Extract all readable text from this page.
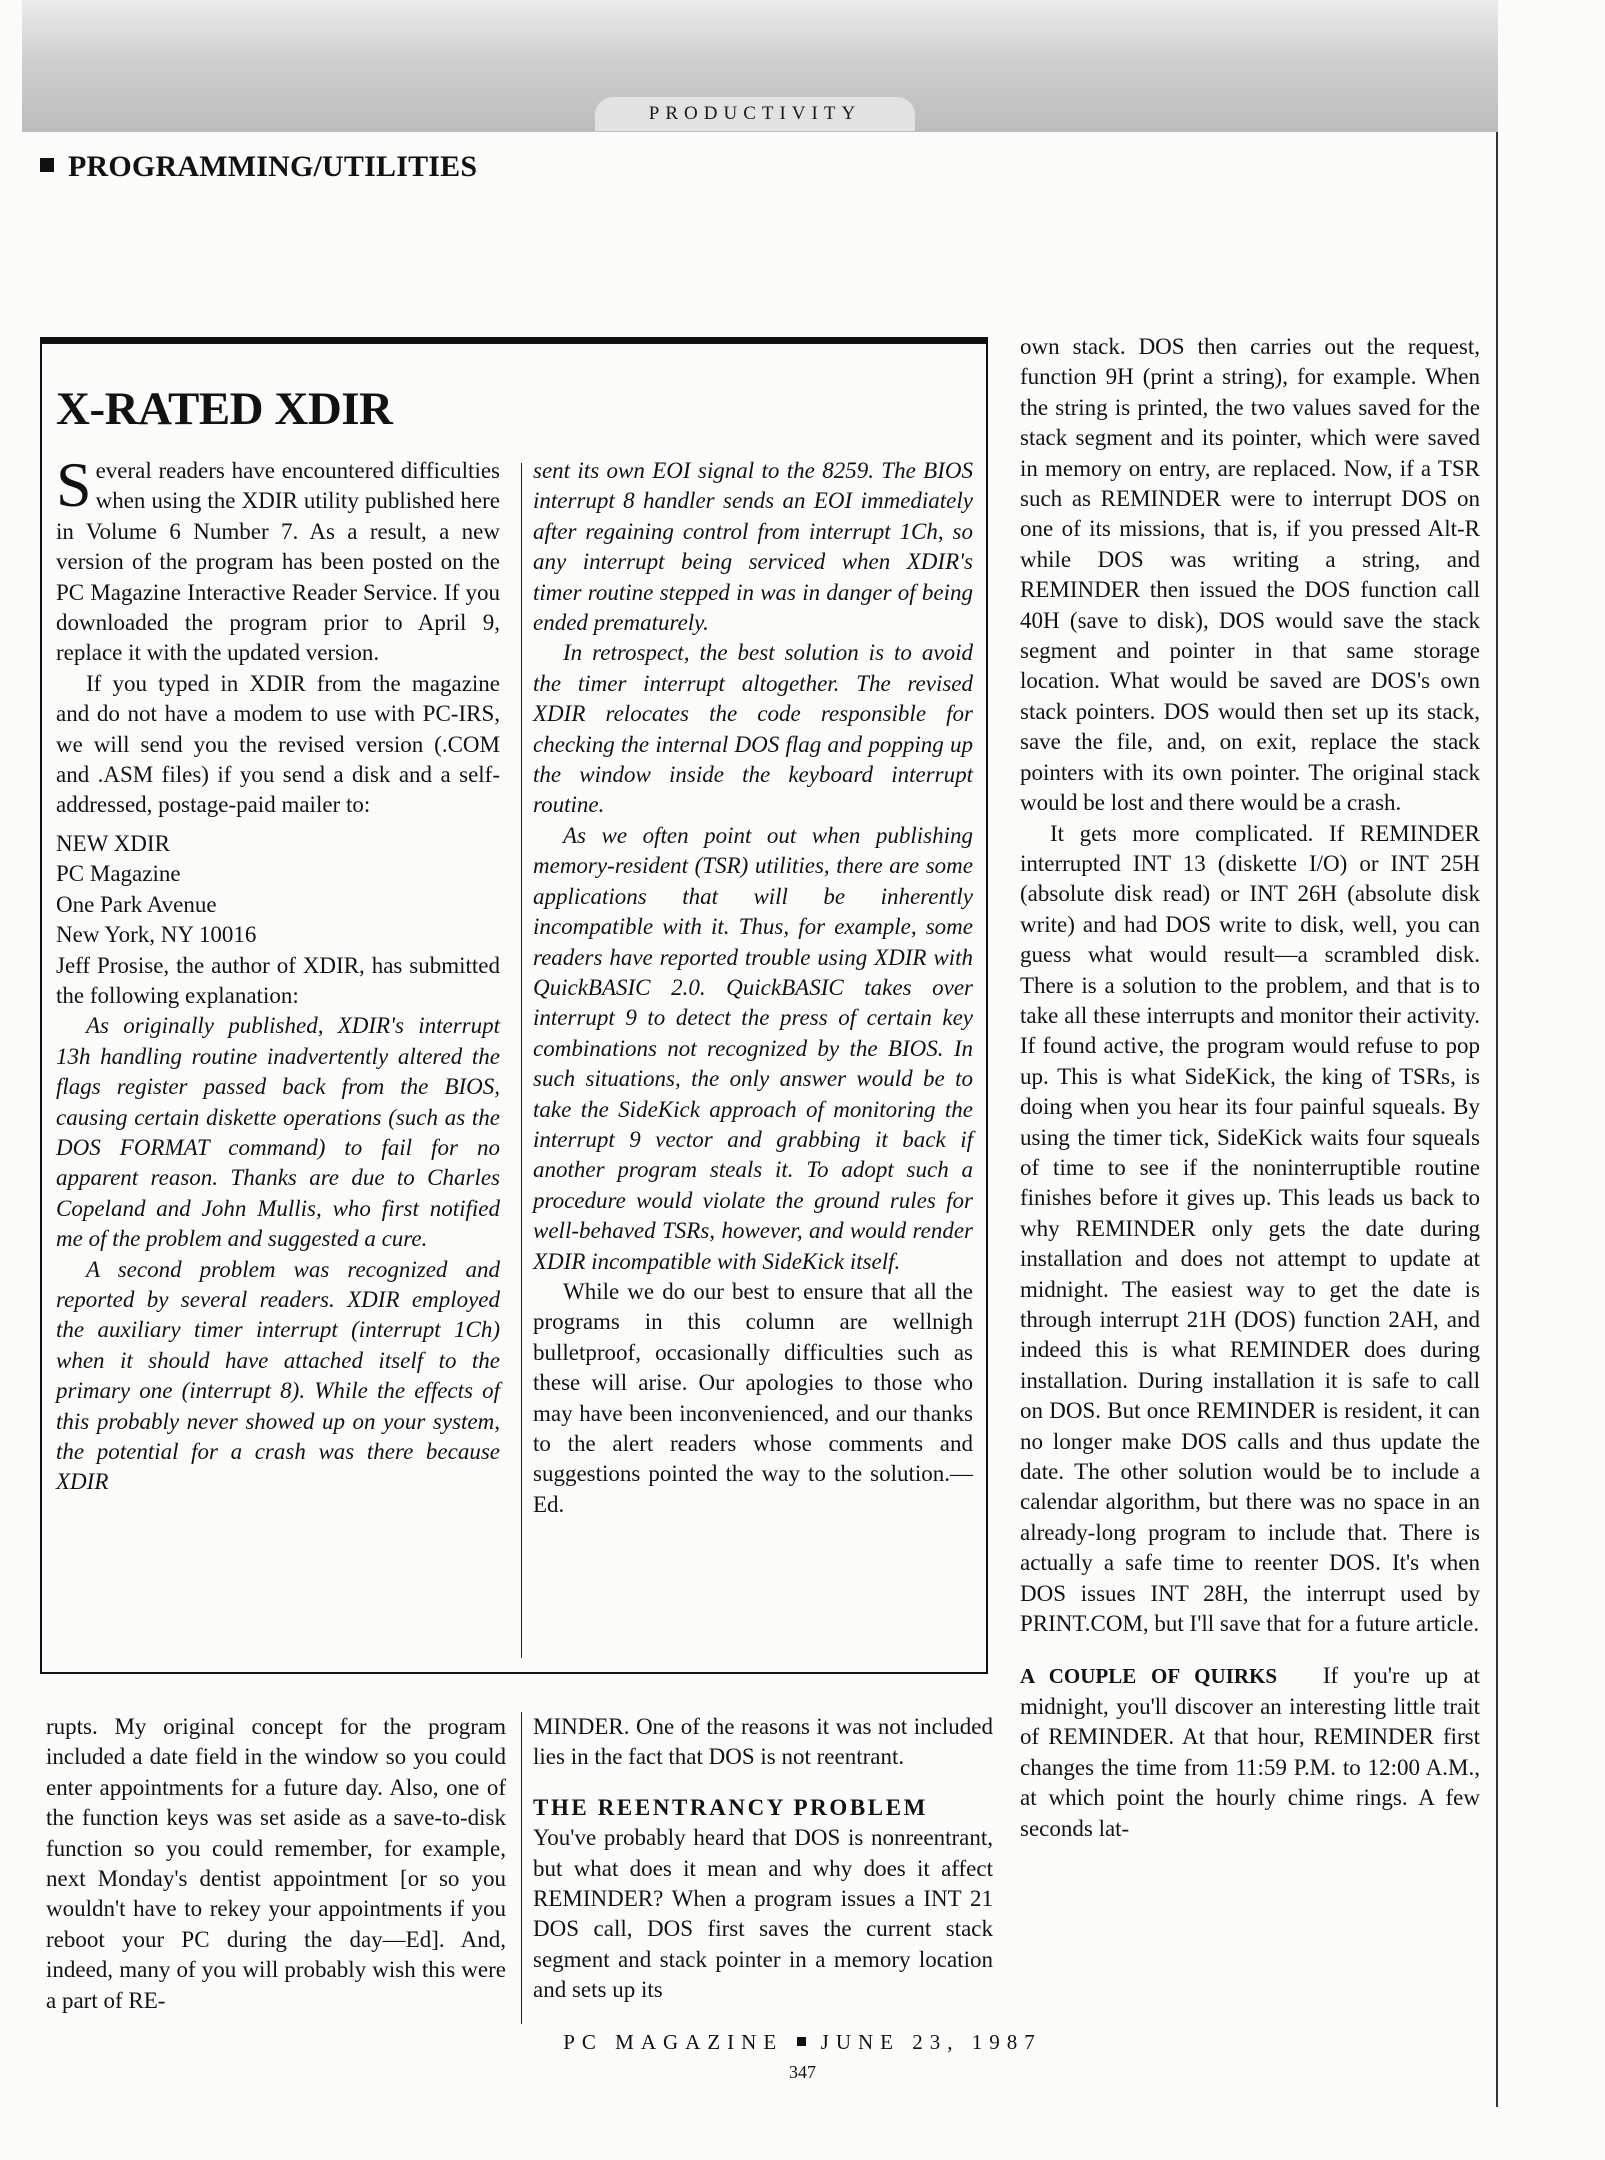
PRODUCTIVITY
PROGRAMMING/UTILITIES
X-RATED XDIR

Several readers have encountered difficulties when using the XDIR utility published here in Volume 6 Number 7. As a result, a new version of the program has been posted on the PC Magazine Interactive Reader Service. If you downloaded the program prior to April 9, replace it with the updated version.

If you typed in XDIR from the magazine and do not have a modem to use with PC-IRS, we will send you the revised version (.COM and .ASM files) if you send a disk and a self-addressed, postage-paid mailer to:

NEW XDIR
PC Magazine
One Park Avenue
New York, NY 10016

Jeff Prosise, the author of XDIR, has submitted the following explanation:

As originally published, XDIR's interrupt 13h handling routine inadvertently altered the flags register passed back from the BIOS, causing certain diskette operations (such as the DOS FORMAT command) to fail for no apparent reason. Thanks are due to Charles Copeland and John Mullis, who first notified me of the problem and suggested a cure.

A second problem was recognized and reported by several readers. XDIR employed the auxiliary timer interrupt (interrupt 1Ch) when it should have attached itself to the primary one (interrupt 8). While the effects of this probably never showed up on your system, the potential for a crash was there because XDIR

sent its own EOI signal to the 8259. The BIOS interrupt 8 handler sends an EOI immediately after regaining control from interrupt 1Ch, so any interrupt being serviced when XDIR's timer routine stepped in was in danger of being ended prematurely.

In retrospect, the best solution is to avoid the timer interrupt altogether. The revised XDIR relocates the code responsible for checking the internal DOS flag and popping up the window inside the keyboard interrupt routine.

As we often point out when publishing memory-resident (TSR) utilities, there are some applications that will be inherently incompatible with it. Thus, for example, some readers have reported trouble using XDIR with QuickBASIC 2.0. QuickBASIC takes over interrupt 9 to detect the press of certain key combinations not recognized by the BIOS. In such situations, the only answer would be to take the SideKick approach of monitoring the interrupt 9 vector and grabbing it back if another program steals it. To adopt such a procedure would violate the ground rules for well-behaved TSRs, however, and would render XDIR incompatible with SideKick itself.

While we do our best to ensure that all the programs in this column are wellnigh bulletproof, occasionally difficulties such as these will arise. Our apologies to those who may have been inconvenienced, and our thanks to the alert readers whose comments and suggestions pointed the way to the solution.—Ed.

rupts. My original concept for the program included a date field in the window so you could enter appointments for a future day. Also, one of the function keys was set aside as a save-to-disk function so you could remember, for example, next Monday's dentist appointment [or so you wouldn't have to rekey your appointments if you reboot your PC during the day—Ed]. And, indeed, many of you will probably wish this were a part of RE-

MINDER. One of the reasons it was not included lies in the fact that DOS is not reentrant.

THE REENTRANCY PROBLEM

You've probably heard that DOS is nonreentrant, but what does it mean and why does it affect REMINDER? When a program issues a INT 21 DOS call, DOS first saves the current stack segment and stack pointer in a memory location and sets up its

own stack. DOS then carries out the request, function 9H (print a string), for example. When the string is printed, the two values saved for the stack segment and its pointer, which were saved in memory on entry, are replaced. Now, if a TSR such as REMINDER were to interrupt DOS on one of its missions, that is, if you pressed Alt-R while DOS was writing a string, and REMINDER then issued the DOS function call 40H (save to disk), DOS would save the stack segment and pointer in that same storage location. What would be saved are DOS's own stack pointers. DOS would then set up its stack, save the file, and, on exit, replace the stack pointers with its own pointer. The original stack would be lost and there would be a crash.

It gets more complicated. If REMINDER interrupted INT 13 (diskette I/O) or INT 25H (absolute disk read) or INT 26H (absolute disk write) and had DOS write to disk, well, you can guess what would result—a scrambled disk. There is a solution to the problem, and that is to take all these interrupts and monitor their activity. If found active, the program would refuse to pop up. This is what SideKick, the king of TSRs, is doing when you hear its four painful squeals. By using the timer tick, SideKick waits four squeals of time to see if the noninterruptible routine finishes before it gives up. This leads us back to why REMINDER only gets the date during installation and does not attempt to update at midnight. The easiest way to get the date is through interrupt 21H (DOS) function 2AH, and indeed this is what REMINDER does during installation. During installation it is safe to call on DOS. But once REMINDER is resident, it can no longer make DOS calls and thus update the date. The other solution would be to include a calendar algorithm, but there was no space in an already-long program to include that. There is actually a safe time to reenter DOS. It's when DOS issues INT 28H, the interrupt used by PRINT.COM, but I'll save that for a future article.

A COUPLE OF QUIRKS If you're up at midnight, you'll discover an interesting little trait of REMINDER. At that hour, REMINDER first changes the time from 11:59 P.M. to 12:00 A.M., at which point the hourly chime rings. A few seconds lat-

PC MAGAZINE JUNE 23, 1987
347
